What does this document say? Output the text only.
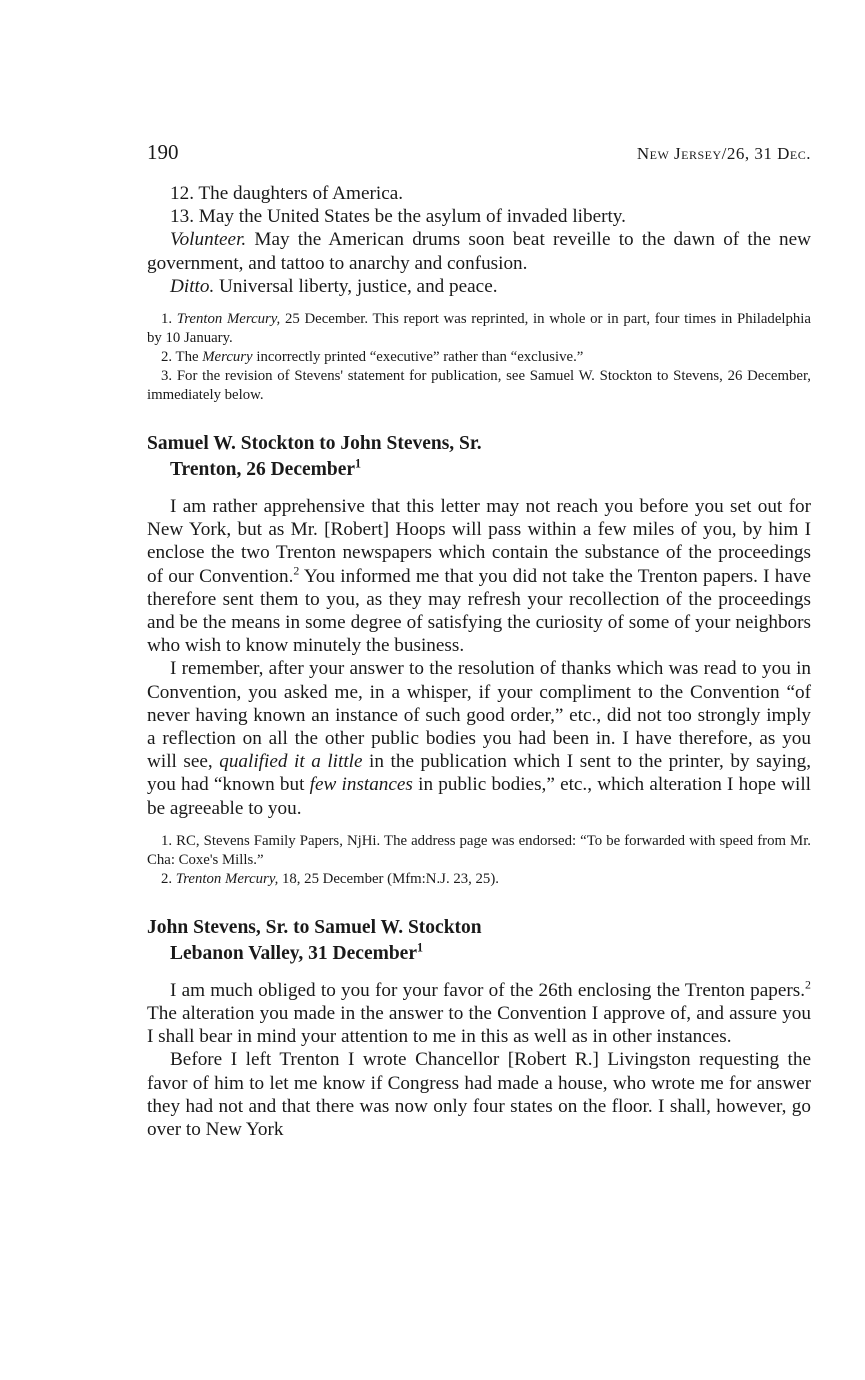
190	New Jersey/26, 31 Dec.

12. The daughters of America.

13. May the United States be the asylum of invaded liberty.

Volunteer. May the American drums soon beat reveille to the dawn of the new government, and tattoo to anarchy and confusion.

Ditto. Universal liberty, justice, and peace.

1. Trenton Mercury, 25 December. This report was reprinted, in whole or in part, four times in Philadelphia by 10 January.

2. The Mercury incorrectly printed “executive” rather than “exclusive.”

3. For the revision of Stevens' statement for publication, see Samuel W. Stockton to Stevens, 26 December, immediately below.

Samuel W. Stockton to John Stevens, Sr.
Trenton, 26 December$^1$

I am rather apprehensive that this letter may not reach you before you set out for New York, but as Mr. [Robert] Hoops will pass within a few miles of you, by him I enclose the two Trenton newspapers which contain the substance of the proceedings of our Convention.$^2$ You informed me that you did not take the Trenton papers. I have therefore sent them to you, as they may refresh your recollection of the proceedings and be the means in some degree of satisfying the curiosity of some of your neighbors who wish to know minutely the business.

I remember, after your answer to the resolution of thanks which was read to you in Convention, you asked me, in a whisper, if your compliment to the Convention “of never having known an instance of such good order,” etc., did not too strongly imply a reflection on all the other public bodies you had been in. I have therefore, as you will see, qualified it a little in the publication which I sent to the printer, by saying, you had “known but few instances in public bodies,” etc., which alteration I hope will be agreeable to you.

1. RC, Stevens Family Papers, NjHi. The address page was endorsed: “To be forwarded with speed from Mr. Cha: Coxe's Mills.”

2. Trenton Mercury, 18, 25 December (Mfm:N.J. 23, 25).

John Stevens, Sr. to Samuel W. Stockton
Lebanon Valley, 31 December$^1$

I am much obliged to you for your favor of the 26th enclosing the Trenton papers.$^2$ The alteration you made in the answer to the Convention I approve of, and assure you I shall bear in mind your attention to me in this as well as in other instances.

Before I left Trenton I wrote Chancellor [Robert R.] Livingston requesting the favor of him to let me know if Congress had made a house, who wrote me for answer they had not and that there was now only four states on the floor. I shall, however, go over to New York
